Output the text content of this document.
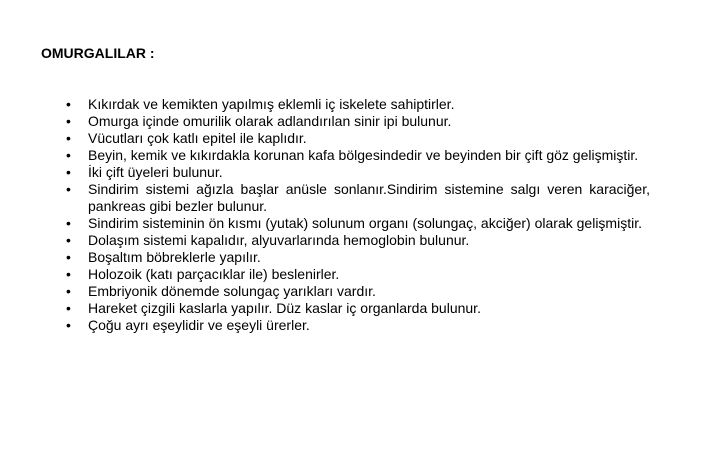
OMURGALILAR :
• Kıkırdak ve kemikten yapılmış eklemli iç iskelete sahiptirler.
• Omurga içinde omurilik olarak adlandırılan sinir ipi bulunur.
• Vücutları çok katlı epitel ile kaplıdır.
• Beyin, kemik ve kıkırdakla korunan kafa bölgesindedir ve beyinden bir çift göz gelişmiştir.
• İki çift üyeleri bulunur.
• Sindirim sistemi ağızla başlar anüsle sonlanır.Sindirim sistemine salgı veren karaciğer, pankreas gibi bezler bulunur.
• Sindirim sisteminin ön kısmı (yutak) solunum organı (solungaç, akciğer) olarak gelişmiştir.
• Dolaşım sistemi kapalıdır, alyuvarlarında hemoglobin bulunur.
• Boşaltım böbreklerle yapılır.
• Holozoik (katı parçacıklar ile) beslenirler.
• Embriyonik dönemde solungaç yarıkları vardır.
• Hareket çizgili kaslarla yapılır. Düz kaslar iç organlarda bulunur.
• Çoğu ayrı eşeylidir ve eşeyli ürerler.
